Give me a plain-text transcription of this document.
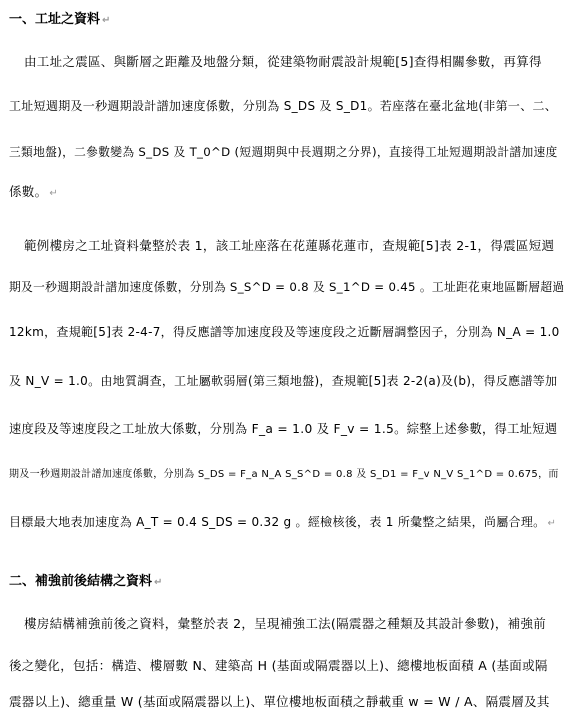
一、工址之資料 ↵
由工址之震區、與斷層之距離及地盤分類，從建築物耐震設計規範[5]查得相關參數，再算得
工址短週期及一秒週期設計譜加速度係數，分別為 S_DS 及 S_D1。若座落在臺北盆地(非第一、二、
三類地盤)，二參數變為 S_DS 及 T_0^D (短週期與中長週期之分界)，直接得工址短週期設計譜加速度
係數。 ↵
範例樓房之工址資料彙整於表 1，該工址座落在花蓮縣花蓮市，查規範[5]表 2-1，得震區短週
期及一秒週期設計譜加速度係數，分別為 S_S^D = 0.8 及 S_1^D = 0.45 。工址距花東地區斷層超過
12km，查規範[5]表 2-4-7，得反應譜等加速度段及等速度段之近斷層調整因子，分別為 N_A = 1.0
及 N_V = 1.0。由地質調查，工址屬軟弱層(第三類地盤)，查規範[5]表 2-2(a)及(b)，得反應譜等加
速度段及等速度段之工址放大係數，分別為 F_a = 1.0 及 F_v = 1.5。綜整上述參數，得工址短週
期及一秒週期設計譜加速度係數，分別為 S_DS = F_a N_A S_S^D = 0.8 及 S_D1 = F_v N_V S_1^D = 0.675，而
目標最大地表加速度為 A_T = 0.4 S_DS = 0.32 g 。經檢核後，表 1 所彙整之結果，尚屬合理。 ↵
二、補強前後結構之資料 ↵
樓房結構補強前後之資料，彙整於表 2，呈現補強工法(隔震器之種類及其設計參數)，補強前
後之變化，包括：構造、樓層數 N、建築高 H (基面或隔震器以上)、總樓地板面積 A (基面或隔
震器以上)、總重量 W (基面或隔震器以上)、單位樓地板面積之靜載重 w = W / A、隔震層及其
